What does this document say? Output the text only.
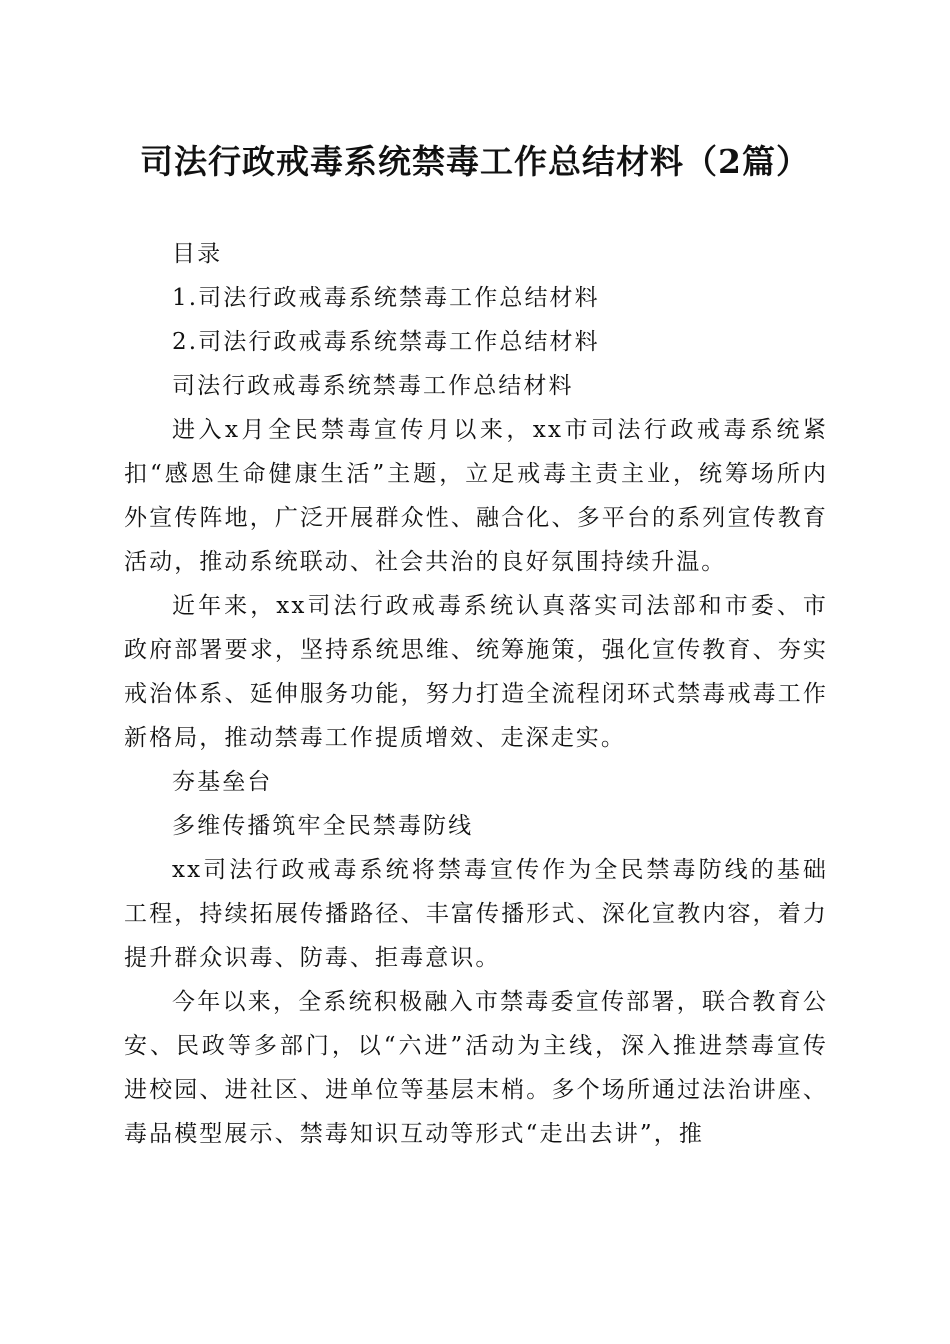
司法行政戒毒系统禁毒工作总结材料（2篇）

目录

1.司法行政戒毒系统禁毒工作总结材料

2.司法行政戒毒系统禁毒工作总结材料

司法行政戒毒系统禁毒工作总结材料

进入x月全民禁毒宣传月以来，xx市司法行政戒毒系统紧扣“感恩生命健康生活”主题，立足戒毒主责主业，统筹场所内外宣传阵地，广泛开展群众性、融合化、多平台的系列宣传教育活动，推动系统联动、社会共治的良好氛围持续升温。

近年来，xx司法行政戒毒系统认真落实司法部和市委、市政府部署要求，坚持系统思维、统筹施策，强化宣传教育、夯实戒治体系、延伸服务功能，努力打造全流程闭环式禁毒戒毒工作新格局，推动禁毒工作提质增效、走深走实。

夯基垒台

多维传播筑牢全民禁毒防线

xx司法行政戒毒系统将禁毒宣传作为全民禁毒防线的基础工程，持续拓展传播路径、丰富传播形式、深化宣教内容，着力提升群众识毒、防毒、拒毒意识。

今年以来，全系统积极融入市禁毒委宣传部署，联合教育公安、民政等多部门，以“六进”活动为主线，深入推进禁毒宣传进校园、进社区、进单位等基层末梢。多个场所通过法治讲座、毒品模型展示、禁毒知识互动等形式“走出去讲”，推
